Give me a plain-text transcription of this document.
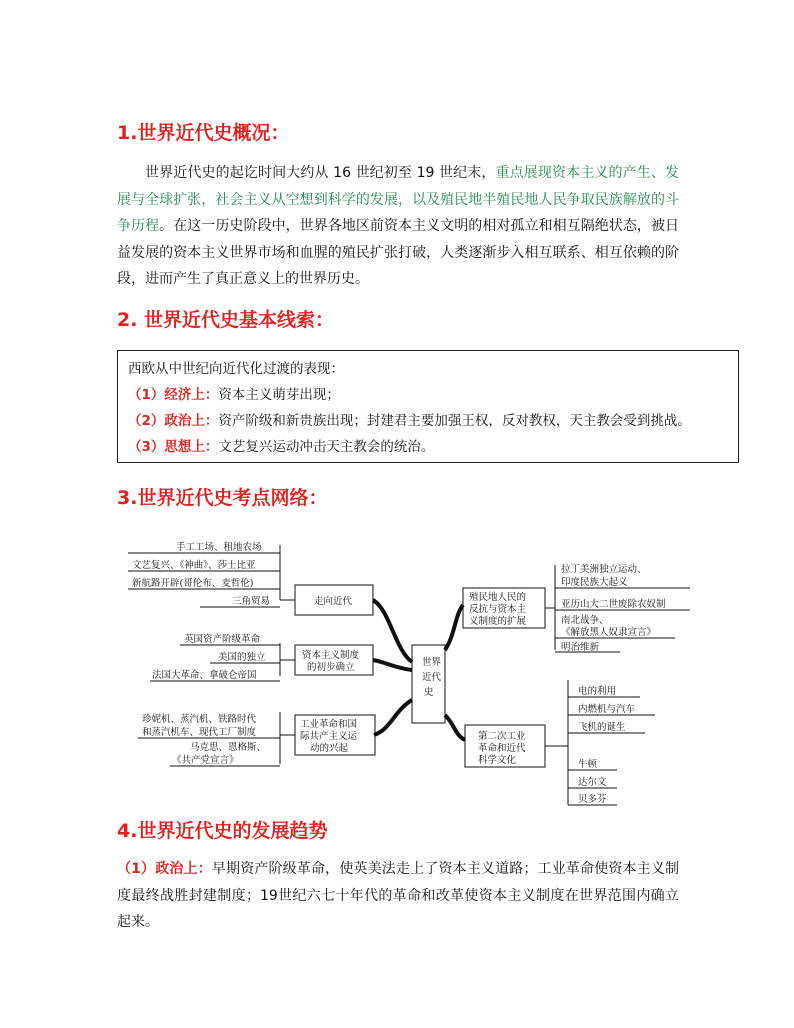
1.世界近代史概况：

世界近代史的起讫时间大约从 16 世纪初至 19 世纪末，重点展现资本主义的产生、发展与全球扩张，社会主义从空想到科学的发展，以及殖民地半殖民地人民争取民族解放的斗争历程。在这一历史阶段中，世界各地区前资本主义文明的相对孤立和相互隔绝状态，被日益发展的资本主义世界市场和血腥的殖民扩张打破，人类逐渐步入相互联系、相互依赖的阶段，进而产生了真正意义上的世界历史。

2. 世界近代史基本线索：
西欧从中世纪向近代化过渡的表现：
（1）经济上：资本主义萌芽出现；
（2）政治上：资产阶级和新贵族出现；封建君主要加强王权，反对教权，天主教会受到挑战。
（3）思想上：文艺复兴运动冲击天主教会的统治。
3.世界近代史考点网络：
世界
近代
史
走向近代
资本主义制度
的初步确立
工业革命和国
际共产主义运
动的兴起
手工工场、租地农场
文艺复兴、《神曲》、莎士比亚
新航路开辟(哥伦布、麦哲伦)
三角贸易
英国资产阶级革命
美国的独立
法国大革命、拿破仑帝国
珍妮机、蒸汽机、铁路时代
和蒸汽机车、现代工厂制度
马克思、恩格斯、
《共产党宣言》
殖民地人民的
反抗与资本主
义制度的扩展
第二次工业
革命和近代
科学文化
拉丁美洲独立运动、
印度民族大起义
亚历山大二世废除农奴制
南北战争、
《解放黑人奴隶宣言》
明治维新
电的利用
内燃机与汽车
飞机的诞生
牛顿
达尔文
贝多芬
4.世界近代史的发展趋势

（1）政治上：早期资产阶级革命，使英美法走上了资本主义道路；工业革命使资本主义制度最终战胜封建制度；19世纪六七十年代的革命和改革使资本主义制度在世界范围内确立起来。
